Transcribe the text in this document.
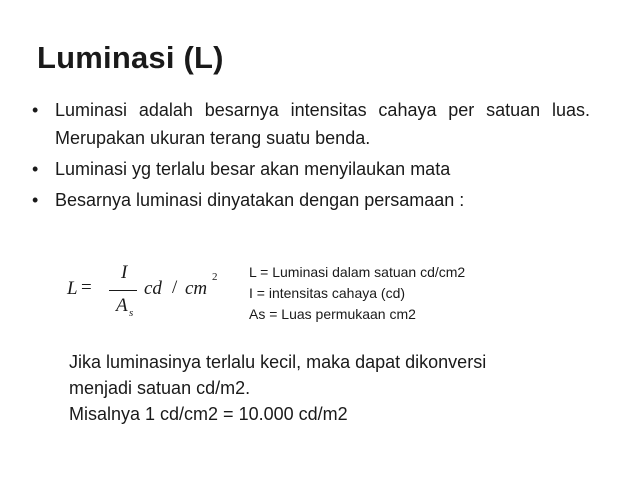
Luminasi (L)
• Luminasi adalah besarnya intensitas cahaya per satuan luas. Merupakan ukuran terang suatu benda.
• Luminasi yg terlalu besar akan menyilaukan mata
• Besarnya luminasi dinyatakan dengan persamaan :
L =
I
A s
cd / cm
2 L = Luminasi dalam satuan cd/cm2
I = intensitas cahaya (cd)
As = Luas permukaan cm2
Jika luminasinya terlalu kecil, maka dapat dikonversi
menjadi satuan cd/m2.
Misalnya 1 cd/cm2 = 10.000 cd/m2
